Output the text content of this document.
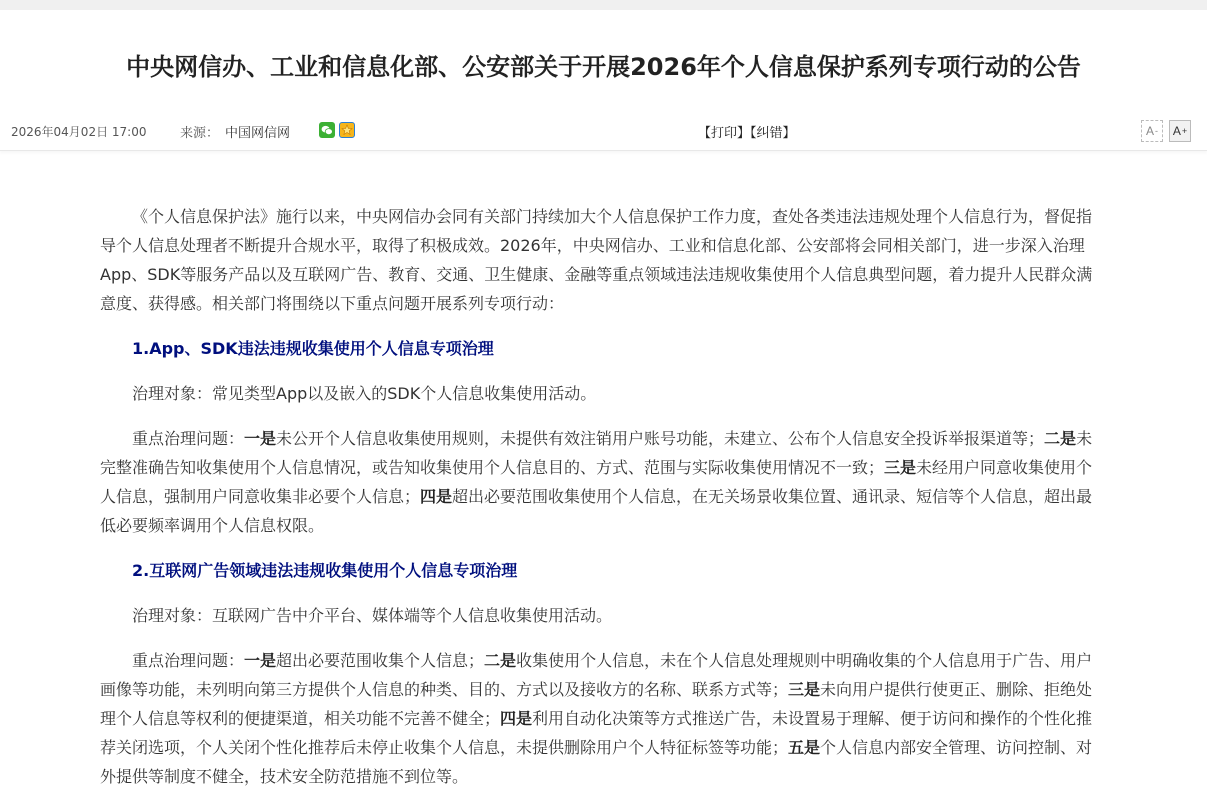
中央网信办、工业和信息化部、公安部关于开展2026年个人信息保护系列专项行动的公告
2026年04月02日 17:00	来源： 中国网信网	【打印】【纠错】	A - A +

《个人信息保护法》施行以来，中央网信办会同有关部门持续加大个人信息保护工作力度，查处各类违法违规处理个人信息行为，督促指导个人信息处理者不断提升合规水平，取得了积极成效。2026年，中央网信办、工业和信息化部、公安部将会同相关部门，进一步深入治理App、SDK等服务产品以及互联网广告、教育、交通、卫生健康、金融等重点领域违法违规收集使用个人信息典型问题，着力提升人民群众满意度、获得感。相关部门将围绕以下重点问题开展系列专项行动：

1.App、SDK违法违规收集使用个人信息专项治理

治理对象：常见类型App以及嵌入的SDK个人信息收集使用活动。

重点治理问题：一是未公开个人信息收集使用规则，未提供有效注销用户账号功能，未建立、公布个人信息安全投诉举报渠道等；二是未完整准确告知收集使用个人信息情况，或告知收集使用个人信息目的、方式、范围与实际收集使用情况不一致；三是未经用户同意收集使用个人信息，强制用户同意收集非必要个人信息；四是超出必要范围收集使用个人信息，在无关场景收集位置、通讯录、短信等个人信息，超出最低必要频率调用个人信息权限。

2.互联网广告领域违法违规收集使用个人信息专项治理

治理对象：互联网广告中介平台、媒体端等个人信息收集使用活动。

重点治理问题：一是超出必要范围收集个人信息；二是收集使用个人信息，未在个人信息处理规则中明确收集的个人信息用于广告、用户画像等功能，未列明向第三方提供个人信息的种类、目的、方式以及接收方的名称、联系方式等；三是未向用户提供行使更正、删除、拒绝处理个人信息等权利的便捷渠道，相关功能不完善不健全；四是利用自动化决策等方式推送广告，未设置易于理解、便于访问和操作的个性化推荐关闭选项，个人关闭个性化推荐后未停止收集个人信息，未提供删除用户个人特征标签等功能；五是个人信息内部安全管理、访问控制、对外提供等制度不健全，技术安全防范措施不到位等。
